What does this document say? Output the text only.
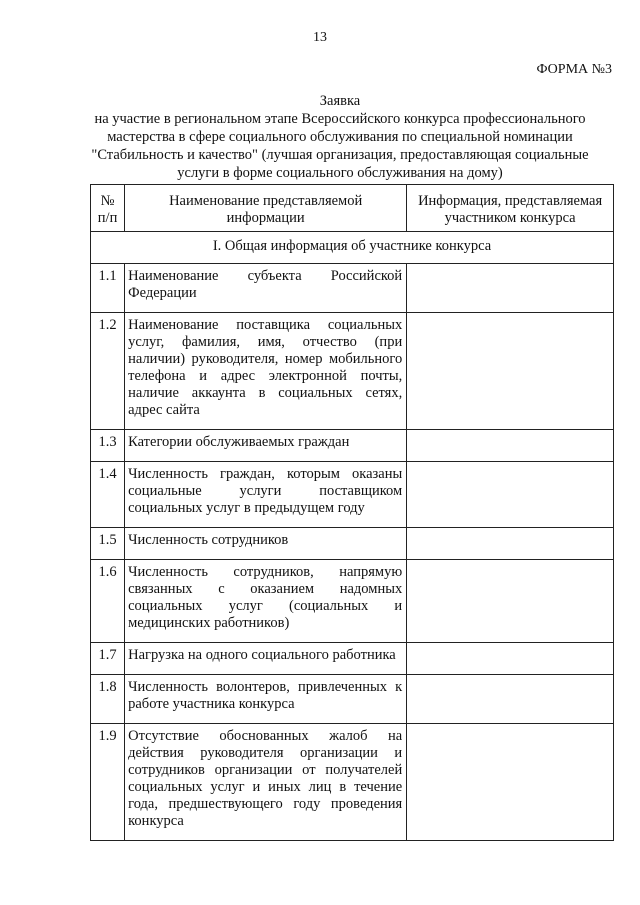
13
ФОРМА №3
Заявка
на участие в региональном этапе Всероссийского конкурса профессионального мастерства в сфере социального обслуживания по специальной номинации "Стабильность и качество" (лучшая организация, предоставляющая социальные услуги в форме социального обслуживания на дому)
№ п/п	Наименование представляемой информации	Информация, представляемая участником конкурса
I. Общая информация об участнике конкурса		
1.1	Наименование субъекта Российской Федерации	
1.2	Наименование поставщика социальных услуг, фамилия, имя, отчество (при наличии) руководителя, номер мобильного телефона и адрес электронной почты, наличие аккаунта в социальных сетях, адрес сайта	
1.3	Категории обслуживаемых граждан	
1.4	Численность граждан, которым оказаны социальные услуги поставщиком социальных услуг в предыдущем году	
1.5	Численность сотрудников	
1.6	Численность сотрудников, напрямую связанных с оказанием надомных социальных услуг (социальных и медицинских работников)	
1.7	Нагрузка на одного социального работника	
1.8	Численность волонтеров, привлеченных к работе участника конкурса	
1.9	Отсутствие обоснованных жалоб на действия руководителя организации и сотрудников организации от получателей социальных услуг и иных лиц в течение года, предшествующего году проведения конкурса	
